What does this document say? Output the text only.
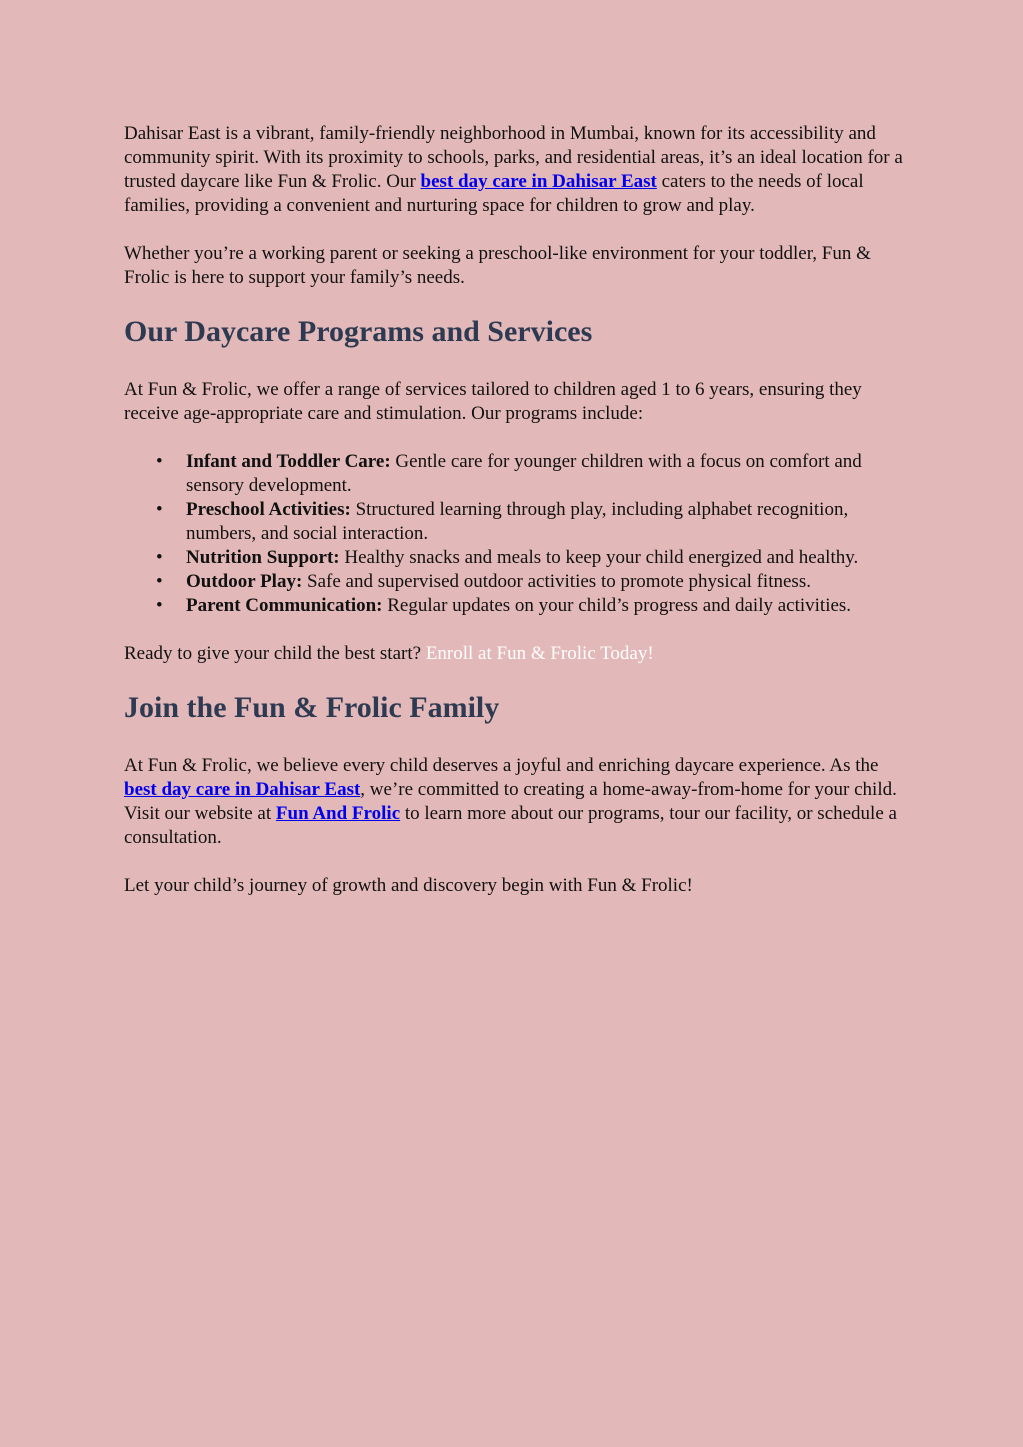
Dahisar East is a vibrant, family-friendly neighborhood in Mumbai, known for its accessibility and community spirit. With its proximity to schools, parks, and residential areas, it’s an ideal location for a trusted daycare like Fun & Frolic. Our best day care in Dahisar East caters to the needs of local families, providing a convenient and nurturing space for children to grow and play.

Whether you’re a working parent or seeking a preschool-like environment for your toddler, Fun & Frolic is here to support your family’s needs.

Our Daycare Programs and Services

At Fun & Frolic, we offer a range of services tailored to children aged 1 to 6 years, ensuring they receive age-appropriate care and stimulation. Our programs include:

• Infant and Toddler Care: Gentle care for younger children with a focus on comfort and sensory development.
• Preschool Activities: Structured learning through play, including alphabet recognition, numbers, and social interaction.
• Nutrition Support: Healthy snacks and meals to keep your child energized and healthy.
• Outdoor Play: Safe and supervised outdoor activities to promote physical fitness.
• Parent Communication: Regular updates on your child’s progress and daily activities.

Ready to give your child the best start? Enroll at Fun & Frolic Today!

Join the Fun & Frolic Family

At Fun & Frolic, we believe every child deserves a joyful and enriching daycare experience. As the best day care in Dahisar East, we’re committed to creating a home-away-from-home for your child. Visit our website at Fun And Frolic to learn more about our programs, tour our facility, or schedule a consultation.

Let your child’s journey of growth and discovery begin with Fun & Frolic!
